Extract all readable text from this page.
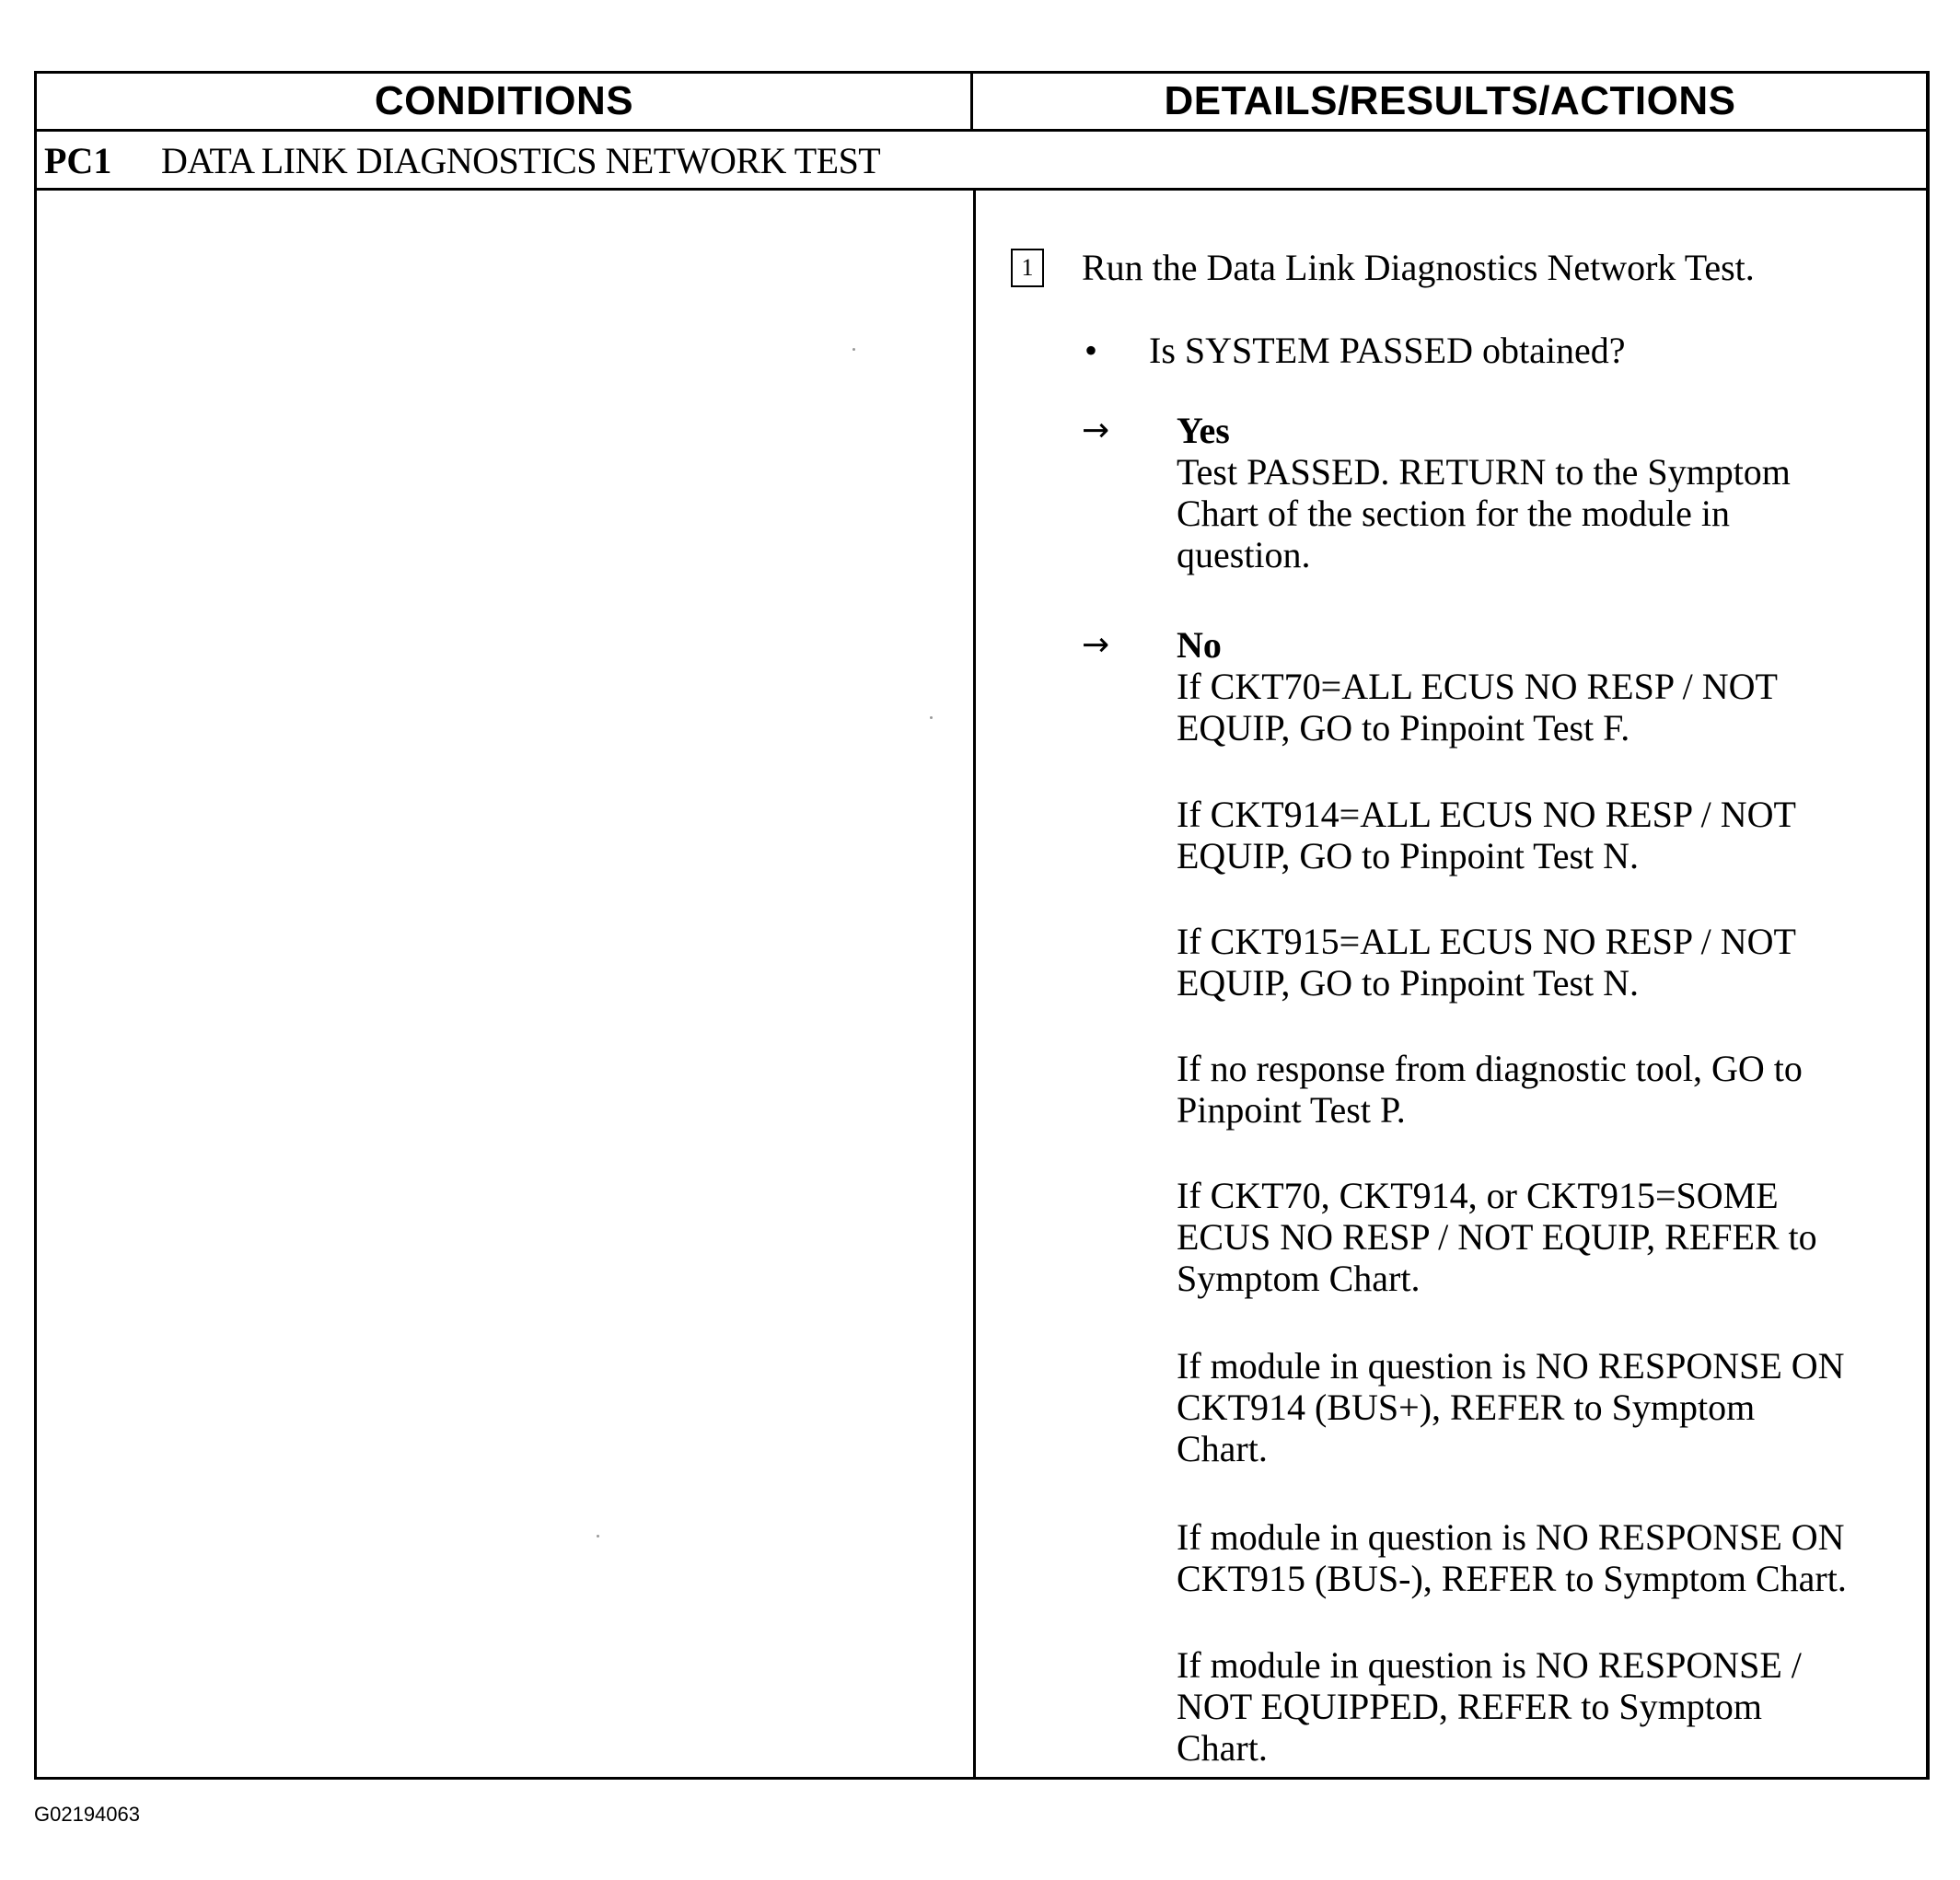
CONDITIONS	DETAILS/RESULTS/ACTIONS
PC1 DATA LINK DIAGNOSTICS NETWORK TEST
1 Run the Data Link Diagnostics Network Test.
• Is SYSTEM PASSED obtained?
→ Yes
Test PASSED. RETURN to the Symptom
Chart of the section for the module in
question.
→ No
If CKT70=ALL ECUS NO RESP / NOT
EQUIP, GO to Pinpoint Test F.
If CKT914=ALL ECUS NO RESP / NOT
EQUIP, GO to Pinpoint Test N.
If CKT915=ALL ECUS NO RESP / NOT
EQUIP, GO to Pinpoint Test N.
If no response from diagnostic tool, GO to
Pinpoint Test P.
If CKT70, CKT914, or CKT915=SOME
ECUS NO RESP / NOT EQUIP, REFER to
Symptom Chart.
If module in question is NO RESPONSE ON
CKT914 (BUS+), REFER to Symptom
Chart.
If module in question is NO RESPONSE ON
CKT915 (BUS-), REFER to Symptom Chart.
If module in question is NO RESPONSE /
NOT EQUIPPED, REFER to Symptom
Chart.
G02194063
